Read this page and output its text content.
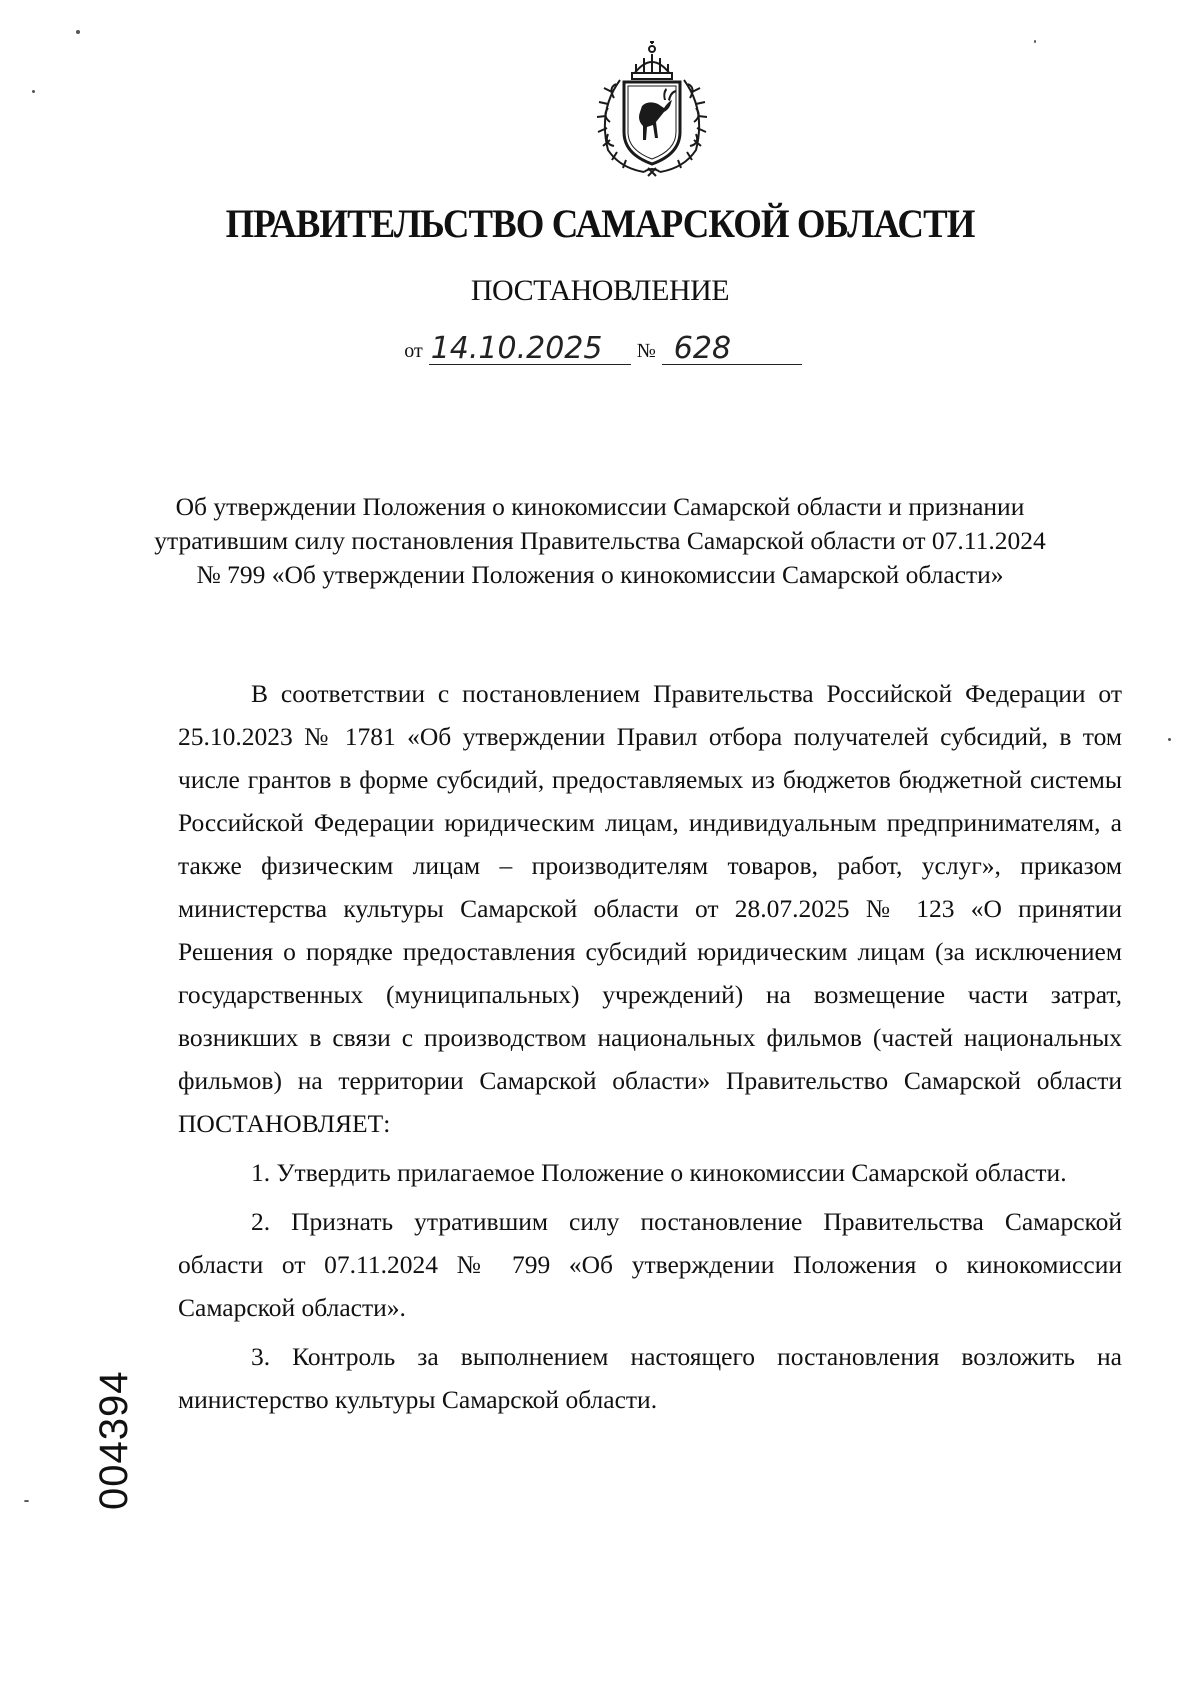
ПРАВИТЕЛЬСТВО САМАРСКОЙ ОБЛАСТИ
ПОСТАНОВЛЕНИЕ
от 14.10.2025	№ 628
Об утверждении Положения о кинокомиссии Самарской области и признании утратившим силу постановления Правительства Самарской области от 07.11.2024 № 799 «Об утверждении Положения о кинокомиссии Самарской области»

В соответствии с постановлением Правительства Российской Федерации от 25.10.2023 № 1781 «Об утверждении Правил отбора получателей субсидий, в том числе грантов в форме субсидий, предоставляемых из бюджетов бюджетной системы Российской Федерации юридическим лицам, индивидуальным предпринимателям, а также физическим лицам – производителям товаров, работ, услуг», приказом министерства культуры Самарской области от 28.07.2025 № 123 «О принятии Решения о порядке предоставления субсидий юридическим лицам (за исключением государственных (муниципальных) учреждений) на возмещение части затрат, возникших в связи с производством национальных фильмов (частей национальных фильмов) на территории Самарской области» Правительство Самарской области ПОСТАНОВЛЯЕТ:

1. Утвердить прилагаемое Положение о кинокомиссии Самарской области.

2. Признать утратившим силу постановление Правительства Самарской области от 07.11.2024 № 799 «Об утверждении Положения о кинокомиссии Самарской области».

3. Контроль за выполнением настоящего постановления возложить на министерство культуры Самарской области.

004394
